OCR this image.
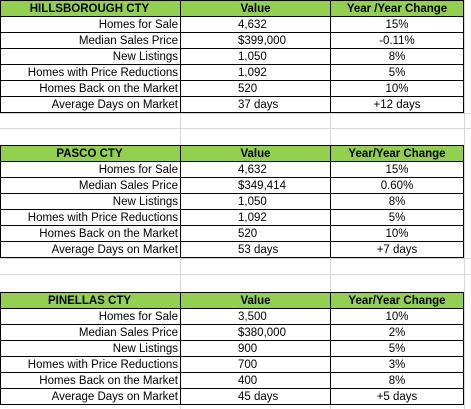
HILLSBOROUGH CTY	Value	Year /Year Change
Homes for Sale	4,632	15%
Median Sales Price	$399,000	-0.11%
New Listings	1,050	8%
Homes with Price Reductions	1,092	5%
Homes Back on the Market	520	10%
Average Days on Market	37 days	+12 days
PASCO CTY	Value	Year/Year Change
Homes for Sale	4,632	15%
Median Sales Price	$349,414	0.60%
New Listings	1,050	8%
Homes with Price Reductions	1,092	5%
Homes Back on the Market	520	10%
Average Days on Market	53 days	+7 days
PINELLAS CTY	Value	Year/Year Change
Homes for Sale	3,500	10%
Median Sales Price	$380,000	2%
New Listings	900	5%
Homes with Price Reductions	700	3%
Homes Back on the Market	400	8%
Average Days on Market	45 days	+5 days
